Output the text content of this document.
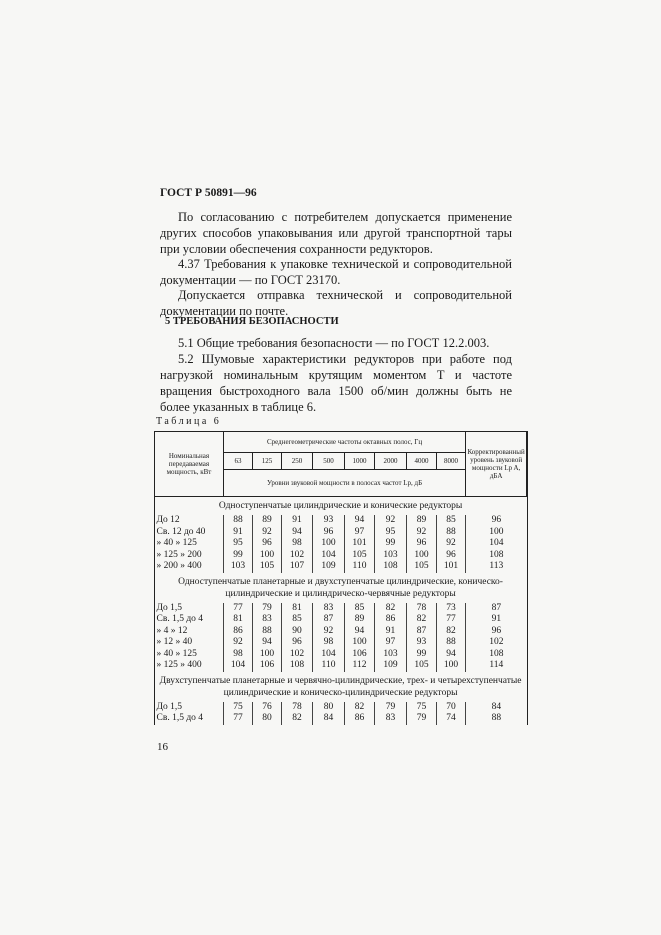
ГОСТ Р 50891—96
По согласованию с потребителем допускается применение других способов упаковывания или другой транспортной тары при условии обеспечения сохранности редукторов.
4.37 Требования к упаковке технической и сопроводительной документации — по ГОСТ 23170.
Допускается отправка технической и сопроводительной документации по почте.
5 ТРЕБОВАНИЯ БЕЗОПАСНОСТИ
5.1 Общие требования безопасности — по ГОСТ 12.2.003.
5.2 Шумовые характеристики редукторов при работе под нагрузкой номинальным крутящим моментом T и частоте вращения быстроходного вала 1500 об/мин должны быть не более указанных в таблице 6.
Таблица 6
Номинальная передаваемая мощность, кВт	Среднегеометрические частоты октавных полос, Гц								Корректированный уровень звуковой мощности Lp A, дБА
	63	125	250	500	1000	2000	4000	8000	
	Уровни звуковой мощности в полосах частот Lp, дБ								
Одноступенчатые цилиндрические и конические редукторы									
До 12	88	89	91	93	94	92	89	85	96
Св. 12 до 40	91	92	94	96	97	95	92	88	100
» 40 » 125	95	96	98	100	101	99	96	92	104
» 125 » 200	99	100	102	104	105	103	100	96	108
» 200 » 400	103	105	107	109	110	108	105	101	113
Одноступенчатые планетарные и двухступенчатые цилиндрические, коническо-цилиндрические и цилиндрическо-червячные редукторы									
До 1,5	77	79	81	83	85	82	78	73	87
Св. 1,5 до 4	81	83	85	87	89	86	82	77	91
» 4 » 12	86	88	90	92	94	91	87	82	96
» 12 » 40	92	94	96	98	100	97	93	88	102
» 40 » 125	98	100	102	104	106	103	99	94	108
» 125 » 400	104	106	108	110	112	109	105	100	114
Двухступенчатые планетарные и червячно-цилиндрические, трех- и четырехступенчатые цилиндрические и коническо-цилиндрические редукторы									
До 1,5	75	76	78	80	82	79	75	70	84
Св. 1,5 до 4	77	80	82	84	86	83	79	74	88
16
